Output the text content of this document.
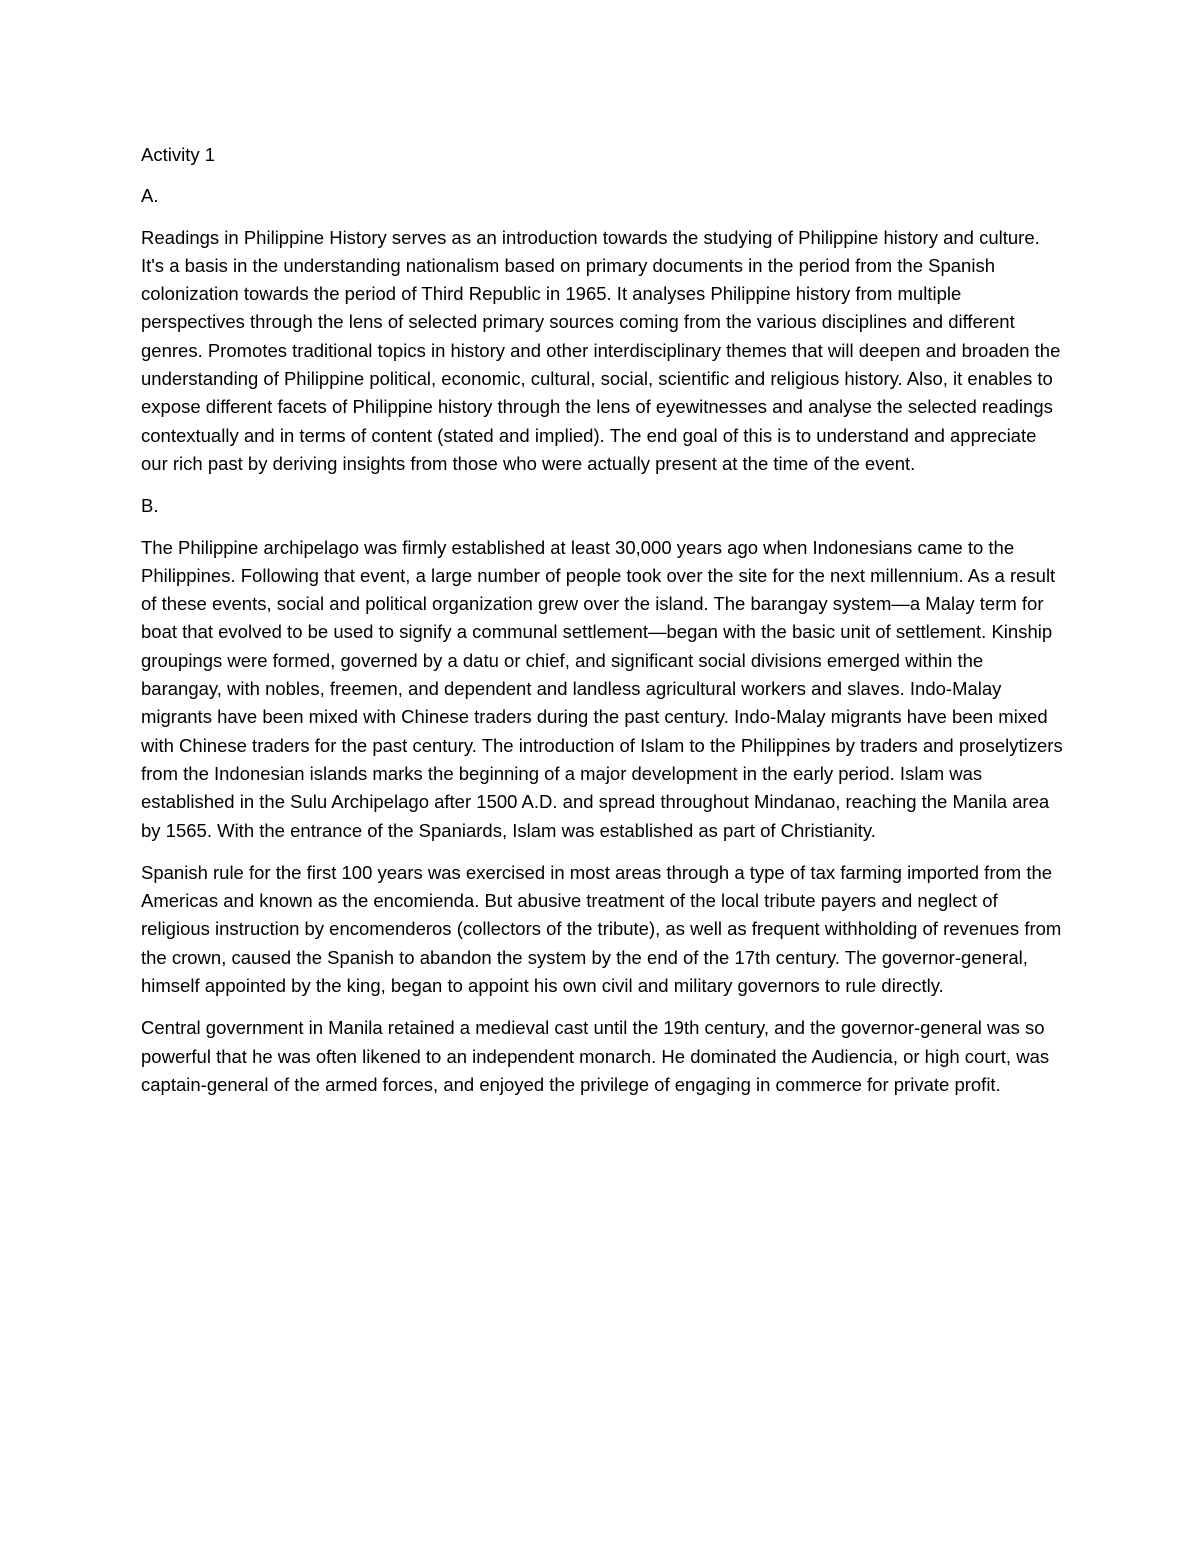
Activity 1

A.

Readings in Philippine History serves as an introduction towards the studying of Philippine history and culture. It's a basis in the understanding nationalism based on primary documents in the period from the Spanish colonization towards the period of Third Republic in 1965. It analyses Philippine history from multiple perspectives through the lens of selected primary sources coming from the various disciplines and different genres. Promotes traditional topics in history and other interdisciplinary themes that will deepen and broaden the understanding of Philippine political, economic, cultural, social, scientific and religious history. Also, it enables to expose different facets of Philippine history through the lens of eyewitnesses and analyse the selected readings contextually and in terms of content (stated and implied). The end goal of this is to understand and appreciate our rich past by deriving insights from those who were actually present at the time of the event.

B.

The Philippine archipelago was firmly established at least 30,000 years ago when Indonesians came to the Philippines. Following that event, a large number of people took over the site for the next millennium. As a result of these events, social and political organization grew over the island. The barangay system—a Malay term for boat that evolved to be used to signify a communal settlement—began with the basic unit of settlement. Kinship groupings were formed, governed by a datu or chief, and significant social divisions emerged within the barangay, with nobles, freemen, and dependent and landless agricultural workers and slaves. Indo-Malay migrants have been mixed with Chinese traders during the past century. Indo-Malay migrants have been mixed with Chinese traders for the past century. The introduction of Islam to the Philippines by traders and proselytizers from the Indonesian islands marks the beginning of a major development in the early period. Islam was established in the Sulu Archipelago after 1500 A.D. and spread throughout Mindanao, reaching the Manila area by 1565. With the entrance of the Spaniards, Islam was established as part of Christianity.

Spanish rule for the first 100 years was exercised in most areas through a type of tax farming imported from the Americas and known as the encomienda. But abusive treatment of the local tribute payers and neglect of religious instruction by encomenderos (collectors of the tribute), as well as frequent withholding of revenues from the crown, caused the Spanish to abandon the system by the end of the 17th century. The governor-general, himself appointed by the king, began to appoint his own civil and military governors to rule directly.

Central government in Manila retained a medieval cast until the 19th century, and the governor-general was so powerful that he was often likened to an independent monarch. He dominated the Audiencia, or high court, was captain-general of the armed forces, and enjoyed the privilege of engaging in commerce for private profit.
